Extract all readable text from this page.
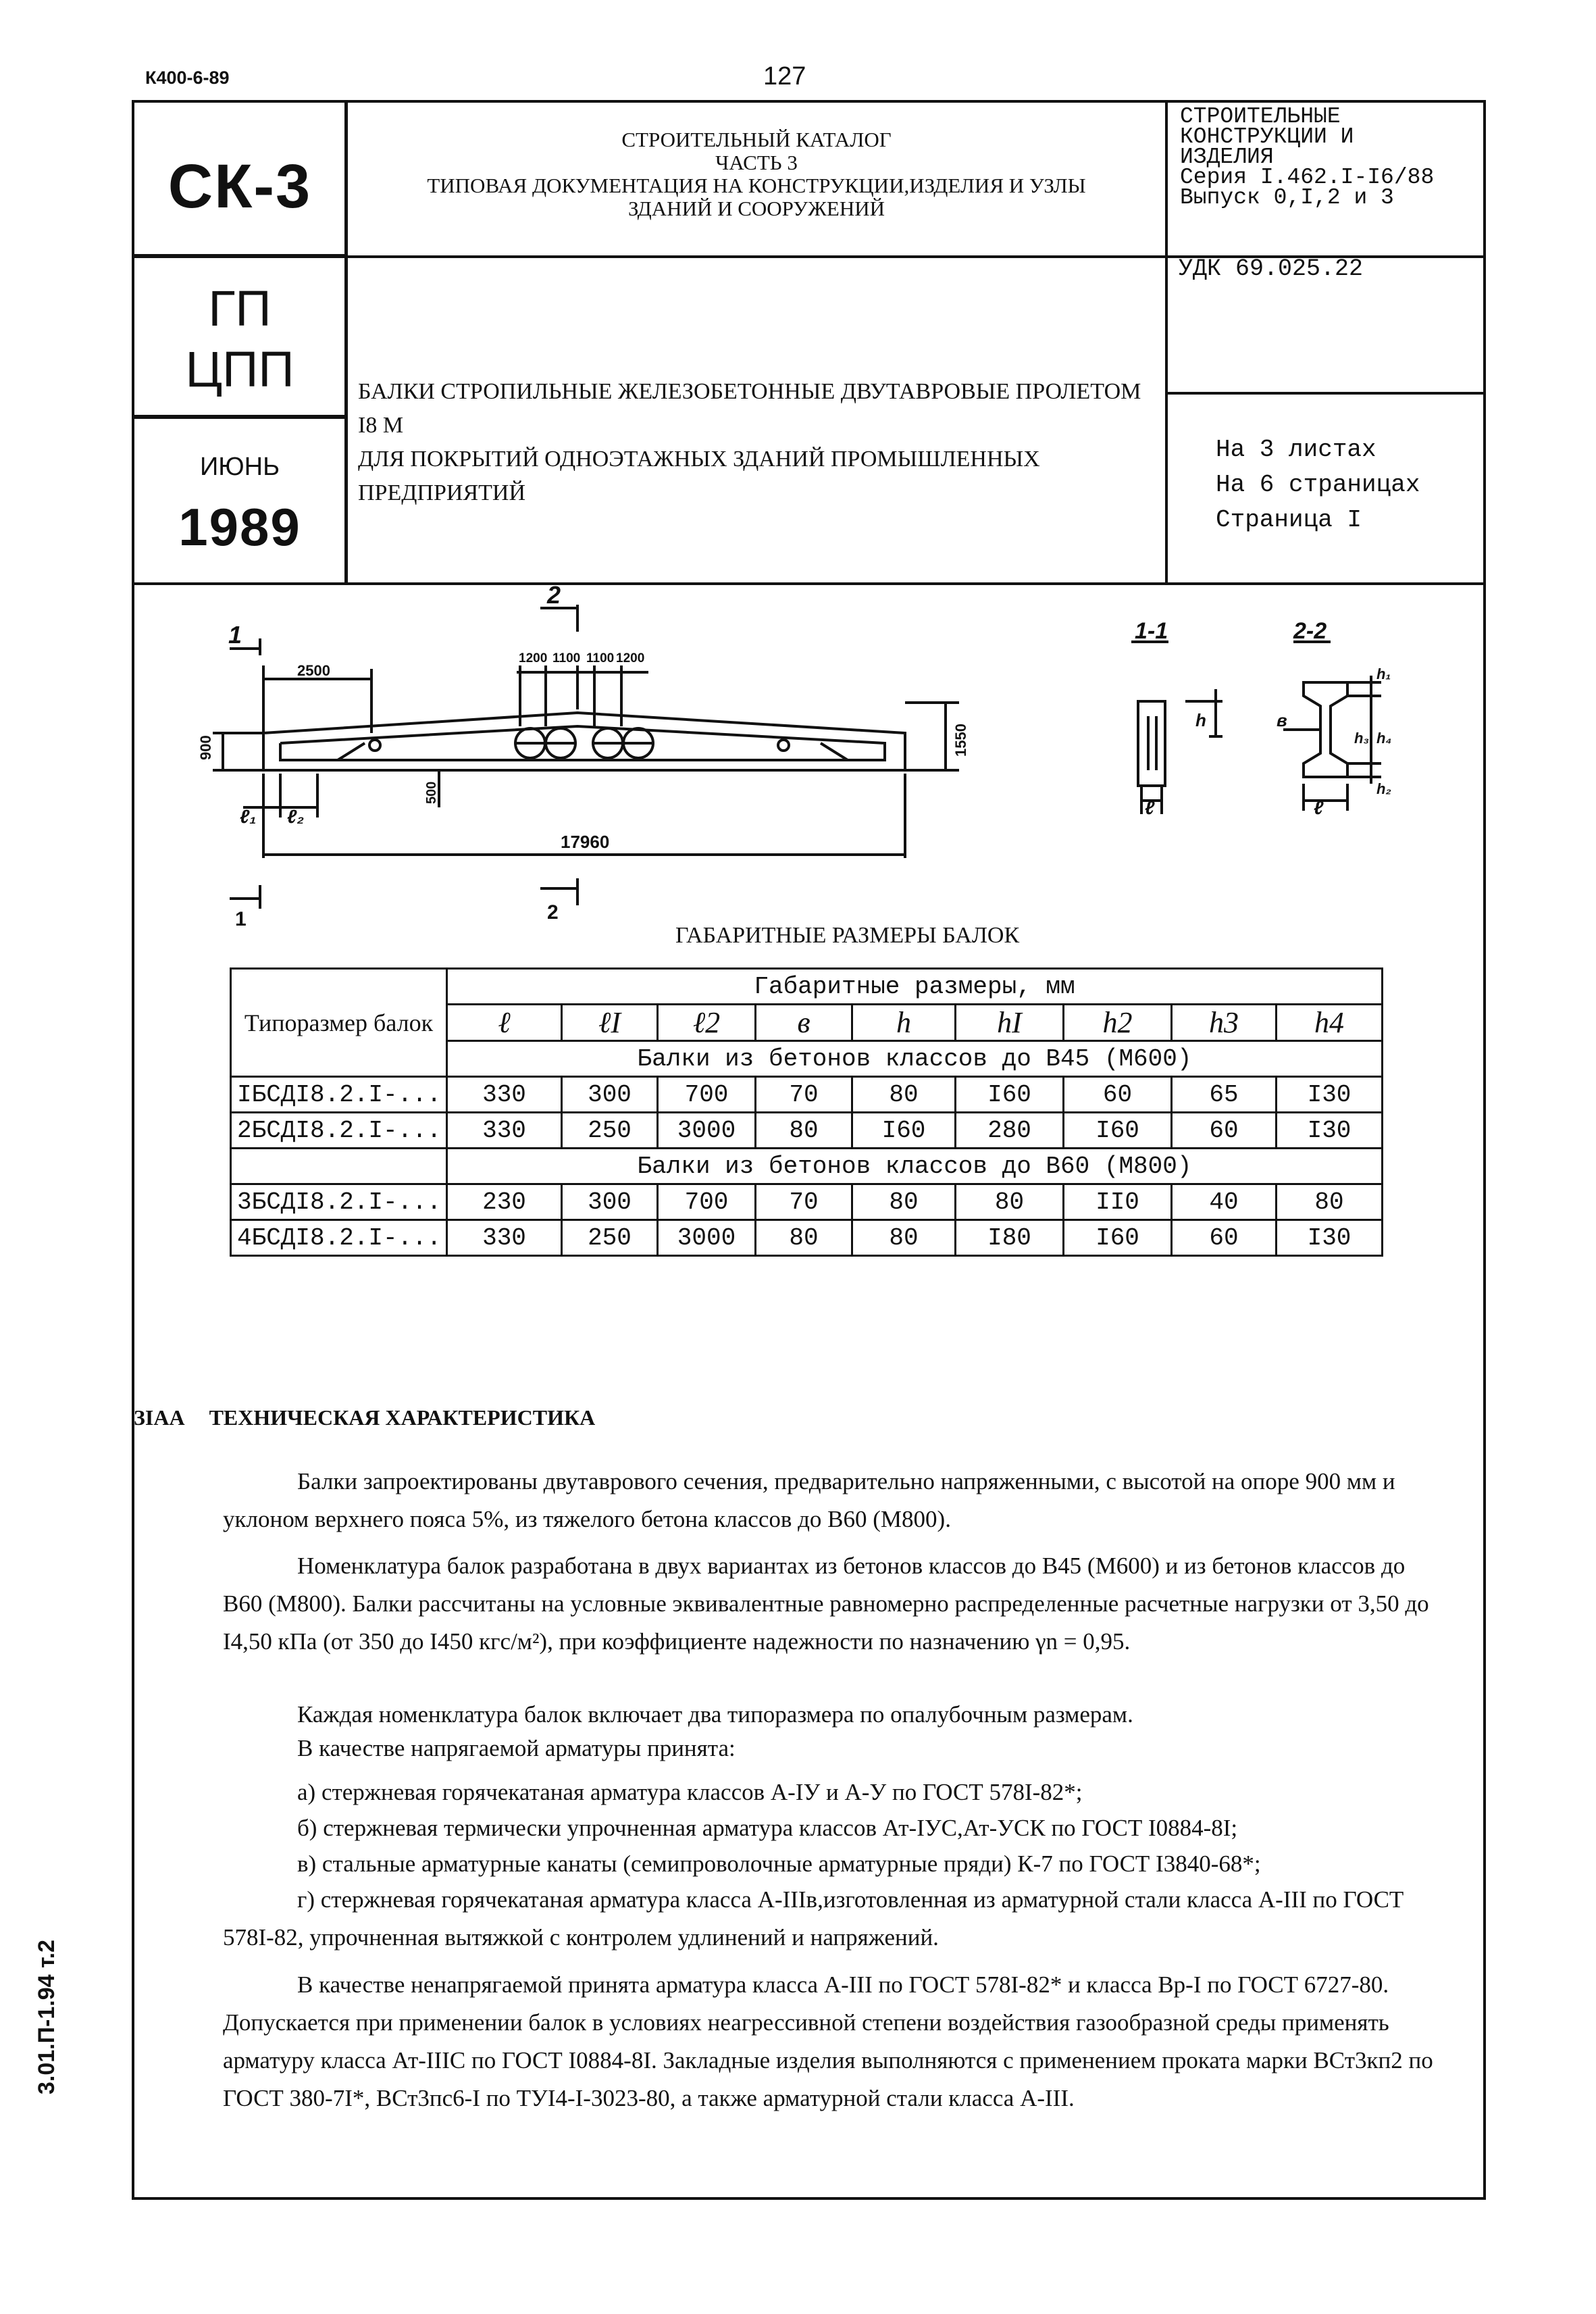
К400-6-89	127
СК-3
ГП
ЦПП
ИЮНЬ
1989
СТРОИТЕЛЬНЫЙ КАТАЛОГ
ЧАСТЬ 3
ТИПОВАЯ ДОКУМЕНТАЦИЯ НА КОНСТРУКЦИИ,ИЗДЕЛИЯ И УЗЛЫ
ЗДАНИЙ И СООРУЖЕНИЙ
СТРОИТЕЛЬНЫЕ
КОНСТРУКЦИИ И
ИЗДЕЛИЯ
Серия I.462.I-I6/88
Выпуск 0,I,2 и 3
УДК 69.025.22
БАЛКИ СТРОПИЛЬНЫЕ ЖЕЛЕЗОБЕТОННЫЕ ДВУТАВРОВЫЕ ПРОЛЕТОМ I8 М
ДЛЯ ПОКРЫТИЙ ОДНОЭТАЖНЫХ ЗДАНИЙ ПРОМЫШЛЕННЫХ ПРЕДПРИЯТИЙ
На 3 листах
На 6 страницах
Страница I
1
1
2
2
2500
1200 1100 1100 1200
900
500
1550
17960
ℓ₁ ℓ₂
1-1	2-2
h
ℓ	ℓ
в
h₁
h₃ h₄
h₂
ГАБАРИТНЫЕ РАЗМЕРЫ БАЛОК
Типоразмер балок	Габаритные размеры, мм								
	ℓ	ℓI	ℓ2	в	h	hI	h2	h3	h4
	Балки из бетонов классов до В45 (М600)								
IБСДI8.2.I-...	330	300	700	70	80	I60	60	65	I30
2БСДI8.2.I-...	330	250	3000	80	I60	280	I60	60	I30
	Балки из бетонов классов до В60 (М800)								
3БСДI8.2.I-...	230	300	700	70	80	80	II0	40	80
4БСДI8.2.I-...	330	250	3000	80	80	I80	I60	60	I30
ЗIАА ТЕХНИЧЕСКАЯ ХАРАКТЕРИСТИКА
Балки запроектированы двутаврового сечения, предварительно напряженными, с высотой на опоре 900 мм и уклоном верхнего пояса 5%, из тяжелого бетона классов до В60 (М800).
Номенклатура балок разработана в двух вариантах из бетонов классов до В45 (М600) и из бетонов классов до В60 (М800). Балки рассчитаны на условные эквивалентные равномерно распределенные расчетные нагрузки от 3,50 до I4,50 кПа (от 350 до I450 кгс/м²), при коэффициенте надежности по назначению γn = 0,95.
Каждая номенклатура балок включает два типоразмера по опалубочным размерам.
В качестве напрягаемой арматуры принята:
а) стержневая горячекатаная арматура классов А-IУ и А-У по ГОСТ 578I-82*;
б) стержневая термически упрочненная арматура классов Ат-IУС,Ат-УСК по ГОСТ I0884-8I;
в) стальные арматурные канаты (семипроволочные арматурные пряди) К-7 по ГОСТ I3840-68*;
г) стержневая горячекатаная арматура класса А-IIIв,изготовленная из арматурной стали класса А-III по ГОСТ 578I-82, упрочненная вытяжкой с контролем удлинений и напряжений.
В качестве ненапрягаемой принята арматура класса А-III по ГОСТ 578I-82* и класса Вр-I по ГОСТ 6727-80. Допускается при применении балок в условиях неагрессивной степени воздействия газообразной среды применять арматуру класса Ат-IIIС по ГОСТ I0884-8I. Закладные изделия выполняются с применением проката марки ВСт3кп2 по ГОСТ 380-7I*, ВСт3пс6-I по ТУI4-I-3023-80, а также арматурной стали класса А-III.
3.01.П-1.94 т.2
